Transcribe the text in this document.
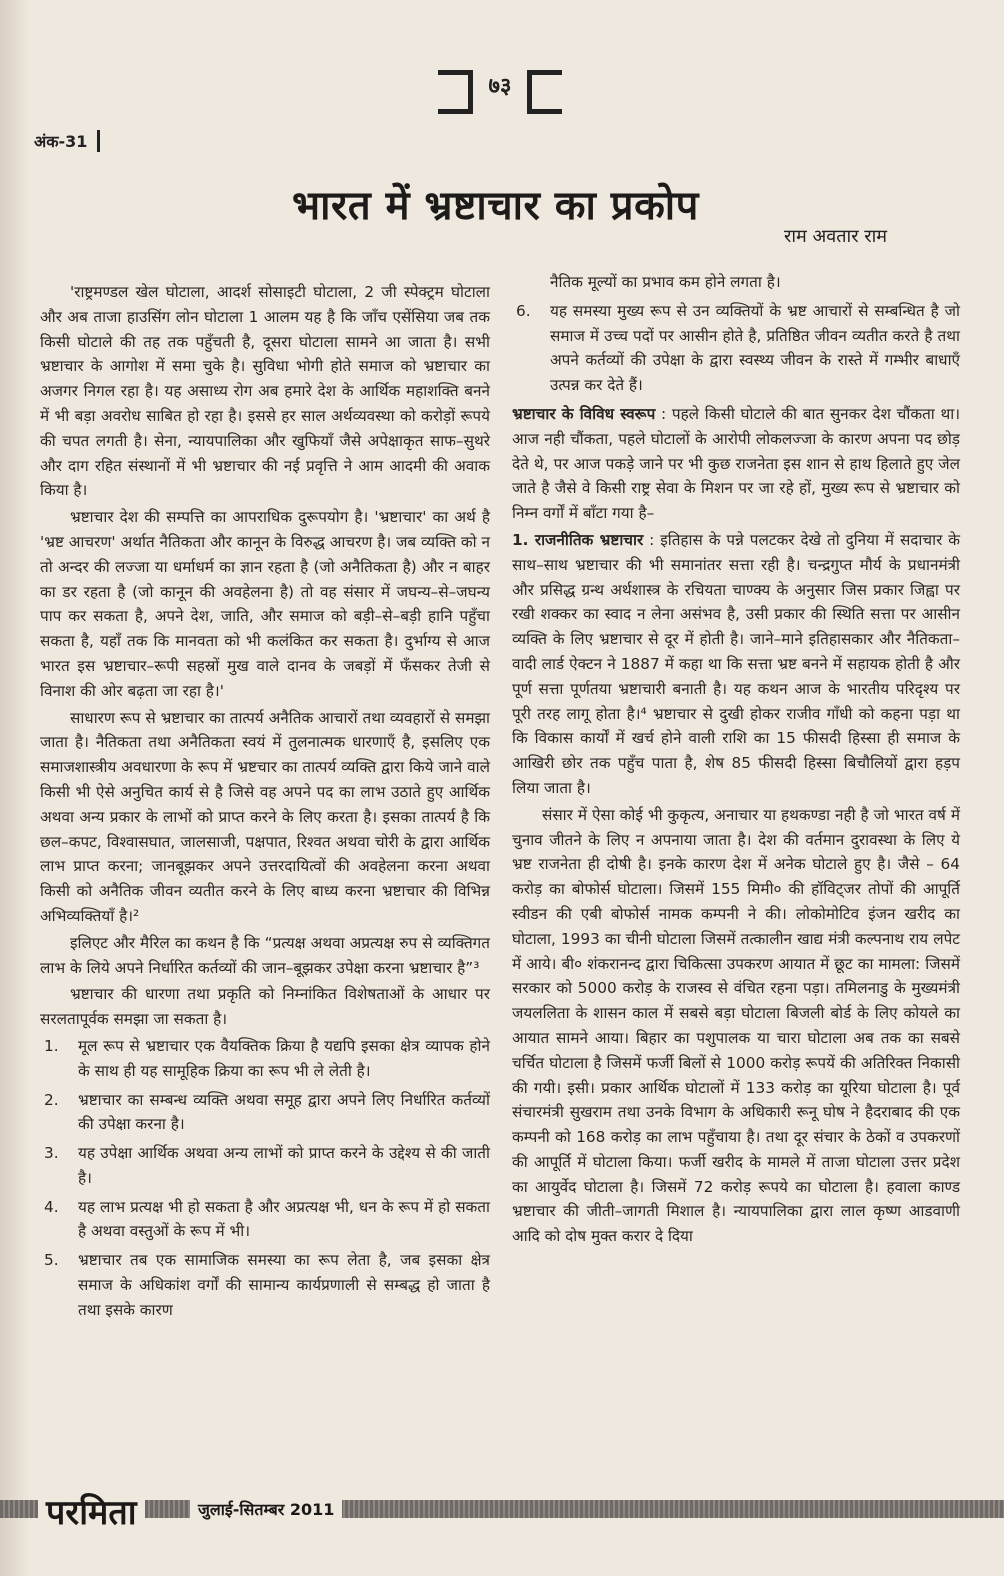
७३
अंक-31
भारत में भ्रष्टाचार का प्रकोप
राम अवतार राम

'राष्ट्रमण्डल खेल घोटाला, आदर्श सोसाइटी घोटाला, 2 जी स्पेक्ट्रम घोटाला और अब ताजा हाउसिंग लोन घोटाला 1 आलम यह है कि जाँच एसेंसिया जब तक किसी घोटाले की तह तक पहुँचती है, दूसरा घोटाला सामने आ जाता है। सभी भ्रष्टाचार के आगोश में समा चुके है। सुविधा भोगी होते समाज को भ्रष्टाचार का अजगर निगल रहा है। यह असाध्य रोग अब हमारे देश के आर्थिक महाशक्ति बनने में भी बड़ा अवरोध साबित हो रहा है। इससे हर साल अर्थव्यवस्था को करोड़ों रूपये की चपत लगती है। सेना, न्यायपालिका और खुफियाँ जैसे अपेक्षाकृत साफ–सुथरे और दाग रहित संस्थानों में भी भ्रष्टाचार की नई प्रवृत्ति ने आम आदमी की अवाक किया है।

भ्रष्टाचार देश की सम्पत्ति का आपराधिक दुरूपयोग है। 'भ्रष्टाचार' का अर्थ है 'भ्रष्ट आचरण' अर्थात नैतिकता और कानून के विरुद्ध आचरण है। जब व्यक्ति को न तो अन्दर की लज्जा या धर्माधर्म का ज्ञान रहता है (जो अनैतिकता है) और न बाहर का डर रहता है (जो कानून की अवहेलना है) तो वह संसार में जघन्य–से–जघन्य पाप कर सकता है, अपने देश, जाति, और समाज को बड़ी–से–बड़ी हानि पहुँचा सकता है, यहाँ तक कि मानवता को भी कलंकित कर सकता है। दुर्भाग्य से आज भारत इस भ्रष्टाचार–रूपी सहस्रों मुख वाले दानव के जबड़ों में फँसकर तेजी से विनाश की ओर बढ़ता जा रहा है।'

साधारण रूप से भ्रष्टाचार का तात्पर्य अनैतिक आचारों तथा व्यवहारों से समझा जाता है। नैतिकता तथा अनैतिकता स्वयं में तुलनात्मक धारणाएँ है, इसलिए एक समाजशास्त्रीय अवधारणा के रूप में भ्रष्टचार का तात्पर्य व्यक्ति द्वारा किये जाने वाले किसी भी ऐसे अनुचित कार्य से है जिसे वह अपने पद का लाभ उठाते हुए आर्थिक अथवा अन्य प्रकार के लाभों को प्राप्त करने के लिए करता है। इसका तात्पर्य है कि छल–कपट, विश्वासघात, जालसाजी, पक्षपात, रिश्वत अथवा चोरी के द्वारा आर्थिक लाभ प्राप्त करना; जानबूझकर अपने उत्तरदायित्वों की अवहेलना करना अथवा किसी को अनैतिक जीवन व्यतीत करने के लिए बाध्य करना भ्रष्टाचार की विभिन्न अभिव्यक्तियाँ है।²

इलिएट और मैरिल का कथन है कि “प्रत्यक्ष अथवा अप्रत्यक्ष रुप से व्यक्तिगत लाभ के लिये अपने निर्धारित कर्तव्यों की जान–बूझकर उपेक्षा करना भ्रष्टाचार है”³

भ्रष्टाचार की धारणा तथा प्रकृति को निम्नांकित विशेषताओं के आधार पर सरलतापूर्वक समझा जा सकता है।

1. मूल रूप से भ्रष्टाचार एक वैयक्तिक क्रिया है यद्यपि इसका क्षेत्र व्यापक होने के साथ ही यह सामूहिक क्रिया का रूप भी ले लेती है।
2. भ्रष्टाचार का सम्बन्ध व्यक्ति अथवा समूह द्वारा अपने लिए निर्धारित कर्तव्यों की उपेक्षा करना है।
3. यह उपेक्षा आर्थिक अथवा अन्य लाभों को प्राप्त करने के उद्देश्य से की जाती है।
4. यह लाभ प्रत्यक्ष भी हो सकता है और अप्रत्यक्ष भी, धन के रूप में हो सकता है अथवा वस्तुओं के रूप में भी।
5. भ्रष्टाचार तब एक सामाजिक समस्या का रूप लेता है, जब इसका क्षेत्र समाज के अधिकांश वर्गों की सामान्य कार्यप्रणाली से सम्बद्ध हो जाता है तथा इसके कारण
नैतिक मूल्यों का प्रभाव कम होने लगता है।
6. यह समस्या मुख्य रूप से उन व्यक्तियों के भ्रष्ट आचारों से सम्बन्धित है जो समाज में उच्च पदों पर आसीन होते है, प्रतिष्ठित जीवन व्यतीत करते है तथा अपने कर्तव्यों की उपेक्षा के द्वारा स्वस्थ्य जीवन के रास्ते में गम्भीर बाधाएँ उत्पन्न कर देते हैं।

भ्रष्टाचार के विविध स्वरूप : पहले किसी घोटाले की बात सुनकर देश चौंकता था। आज नही चौंकता, पहले घोटालों के आरोपी लोकलज्जा के कारण अपना पद छोड़ देते थे, पर आज पकड़े जाने पर भी कुछ राजनेता इस शान से हाथ हिलाते हुए जेल जाते है जैसे वे किसी राष्ट्र सेवा के मिशन पर जा रहे हों, मुख्य रूप से भ्रष्टाचार को निम्न वर्गों में बाँटा गया है–

1. राजनीतिक भ्रष्टाचार : इतिहास के पन्ने पलटकर देखे तो दुनिया में सदाचार के साथ–साथ भ्रष्टाचार की भी समानांतर सत्ता रही है। चन्द्रगुप्त मौर्य के प्रधानमंत्री और प्रसिद्ध ग्रन्थ अर्थशास्त्र के रचियता चाण्क्य के अनुसार जिस प्रकार जिह्वा पर रखी शक्कर का स्वाद न लेना असंभव है, उसी प्रकार की स्थिति सत्ता पर आसीन व्यक्ति के लिए भ्रष्टाचार से दूर में होती है। जाने–माने इतिहासकार और नैतिकता–वादी लार्ड ऐक्टन ने 1887 में कहा था कि सत्ता भ्रष्ट बनने में सहायक होती है और पूर्ण सत्ता पूर्णतया भ्रष्टाचारी बनाती है। यह कथन आज के भारतीय परिदृश्य पर पूरी तरह लागू होता है।⁴ भ्रष्टाचार से दुखी होकर राजीव गाँधी को कहना पड़ा था कि विकास कार्यों में खर्च होने वाली राशि का 15 फीसदी हिस्सा ही समाज के आखिरी छोर तक पहुँच पाता है, शेष 85 फीसदी हिस्सा बिचौलियों द्वारा हड़प लिया जाता है।

संसार में ऐसा कोई भी कुकृत्य, अनाचार या हथकण्डा नही है जो भारत वर्ष में चुनाव जीतने के लिए न अपनाया जाता है। देश की वर्तमान दुरावस्था के लिए ये भ्रष्ट राजनेता ही दोषी है। इनके कारण देश में अनेक घोटाले हुए है। जैसे – 64 करोड़ का बोफोर्स घोटाला। जिसमें 155 मिमी० की हॉविट्जर तोपों की आपूर्ति स्वीडन की एबी बोफोर्स नामक कम्पनी ने की। लोकोमोटिव इंजन खरीद का घोटाला, 1993 का चीनी घोटाला जिसमें तत्कालीन खाद्य मंत्री कल्पनाथ राय लपेट में आये। बी० शंकरानन्द द्वारा चिकित्सा उपकरण आयात में छूट का मामला: जिसमें सरकार को 5000 करोड़ के राजस्व से वंचित रहना पड़ा। तमिलनाडु के मुख्यमंत्री जयललिता के शासन काल में सबसे बड़ा घोटाला बिजली बोर्ड के लिए कोयले का आयात सामने आया। बिहार का पशुपालक या चारा घोटाला अब तक का सबसे चर्चित घोटाला है जिसमें फर्जी बिलों से 1000 करोड़ रूपयें की अतिरिक्त निकासी की गयी। इसी। प्रकार आर्थिक घोटालों में 133 करोड़ का यूरिया घोटाला है। पूर्व संचारमंत्री सुखराम तथा उनके विभाग के अधिकारी रूनू घोष ने हैदराबाद की एक कम्पनी को 168 करोड़ का लाभ पहुँचाया है। तथा दूर संचार के ठेकों व उपकरणों की आपूर्ति में घोटाला किया। फर्जी खरीद के मामले में ताजा घोटाला उत्तर प्रदेश का आयुर्वेद घोटाला है। जिसमें 72 करोड़ रूपये का घोटाला है। हवाला काण्ड भ्रष्टाचार की जीती–जागती मिशाल है। न्यायपालिका द्वारा लाल कृष्ण आडवाणी आदि को दोष मुक्त करार दे दिया

परमिता	जुलाई-सितम्बर 2011
